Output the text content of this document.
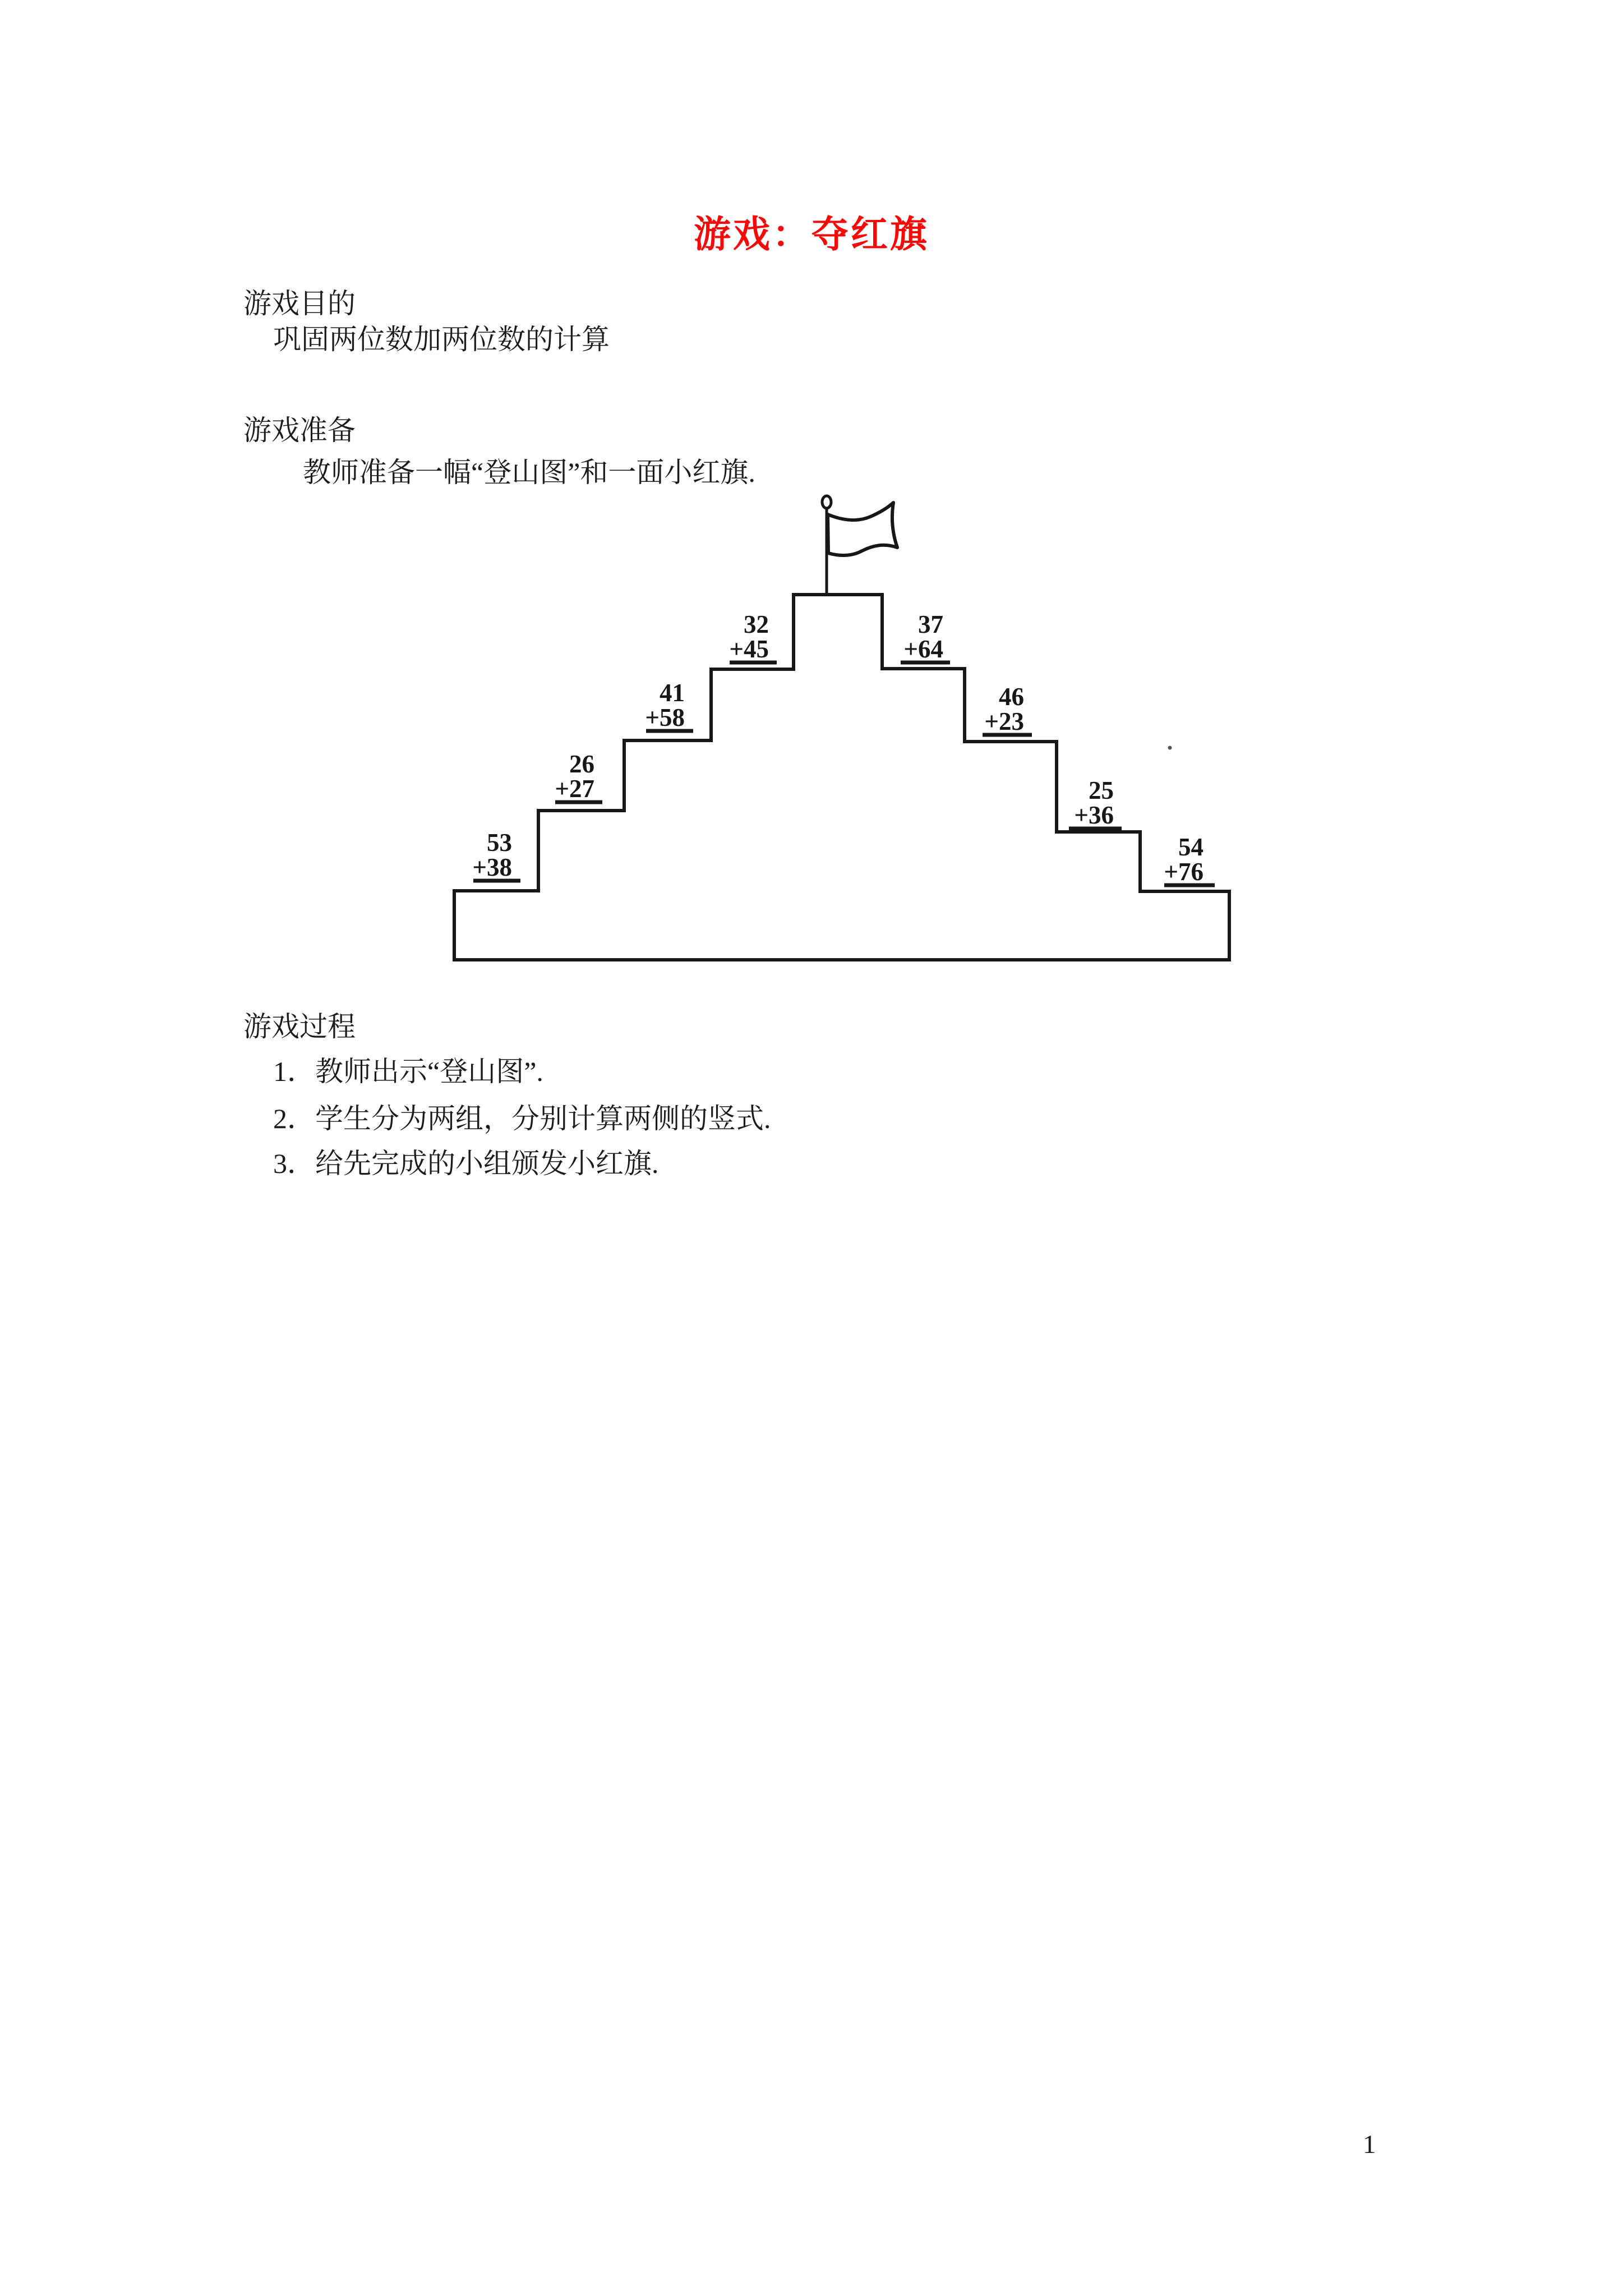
游戏：夺红旗
游戏目的
巩固两位数加两位数的计算
游戏准备
教师准备一幅“登山图”和一面小红旗.
53
+38
26
+27
41
+58
32
+45
37
+64
46
+23
25
+36
54
+76
游戏过程
1．教师出示“登山图”.
2．学生分为两组，分别计算两侧的竖式.
3．给先完成的小组颁发小红旗.
1
